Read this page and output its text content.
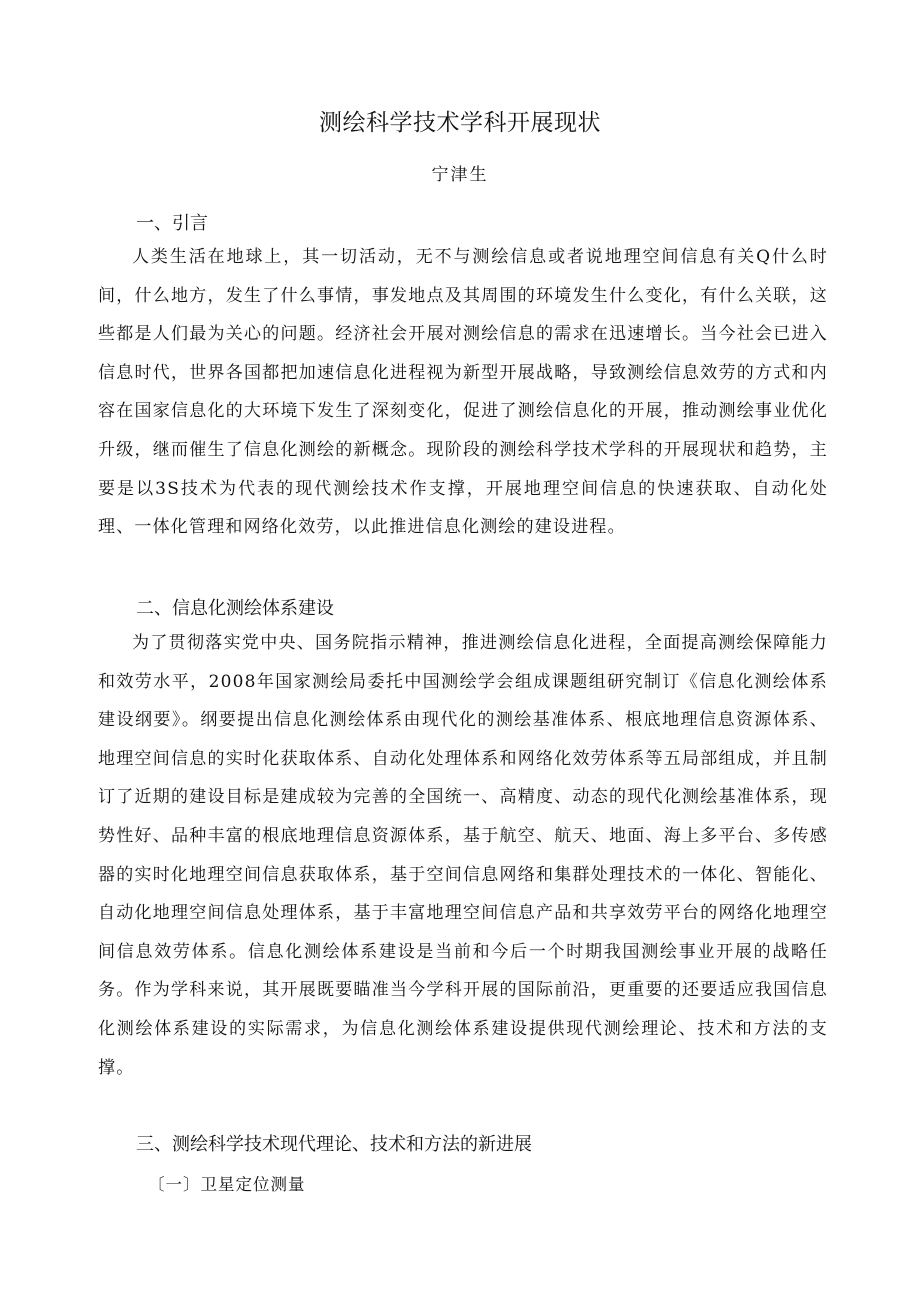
测绘科学技术学科开展现状
宁津生
一、引言

人类生活在地球上，其一切活动，无不与测绘信息或者说地理空间信息有关Q什么时间，什么地方，发生了什么事情，事发地点及其周围的环境发生什么变化，有什么关联，这些都是人们最为关心的问题。经济社会开展对测绘信息的需求在迅速增长。当今社会已进入信息时代，世界各国都把加速信息化进程视为新型开展战略，导致测绘信息效劳的方式和内容在国家信息化的大环境下发生了深刻变化，促进了测绘信息化的开展，推动测绘事业优化升级，继而催生了信息化测绘的新概念。现阶段的测绘科学技术学科的开展现状和趋势，主要是以3S技术为代表的现代测绘技术作支撑，开展地理空间信息的快速获取、自动化处理、一体化管理和网络化效劳，以此推进信息化测绘的建设进程。

二、信息化测绘体系建设

为了贯彻落实党中央、国务院指示精神，推进测绘信息化进程，全面提高测绘保障能力和效劳水平，2008年国家测绘局委托中国测绘学会组成课题组研究制订《信息化测绘体系建设纲要》。纲要提出信息化测绘体系由现代化的测绘基准体系、根底地理信息资源体系、地理空间信息的实时化获取体系、自动化处理体系和网络化效劳体系等五局部组成，并且制订了近期的建设目标是建成较为完善的全国统一、高精度、动态的现代化测绘基准体系，现势性好、品种丰富的根底地理信息资源体系，基于航空、航天、地面、海上多平台、多传感器的实时化地理空间信息获取体系，基于空间信息网络和集群处理技术的一体化、智能化、自动化地理空间信息处理体系，基于丰富地理空间信息产品和共享效劳平台的网络化地理空间信息效劳体系。信息化测绘体系建设是当前和今后一个时期我国测绘事业开展的战略任务。作为学科来说，其开展既要瞄准当今学科开展的国际前沿，更重要的还要适应我国信息化测绘体系建设的实际需求，为信息化测绘体系建设提供现代测绘理论、技术和方法的支撑。

三、测绘科学技术现代理论、技术和方法的新进展
〔一〕卫星定位测量
